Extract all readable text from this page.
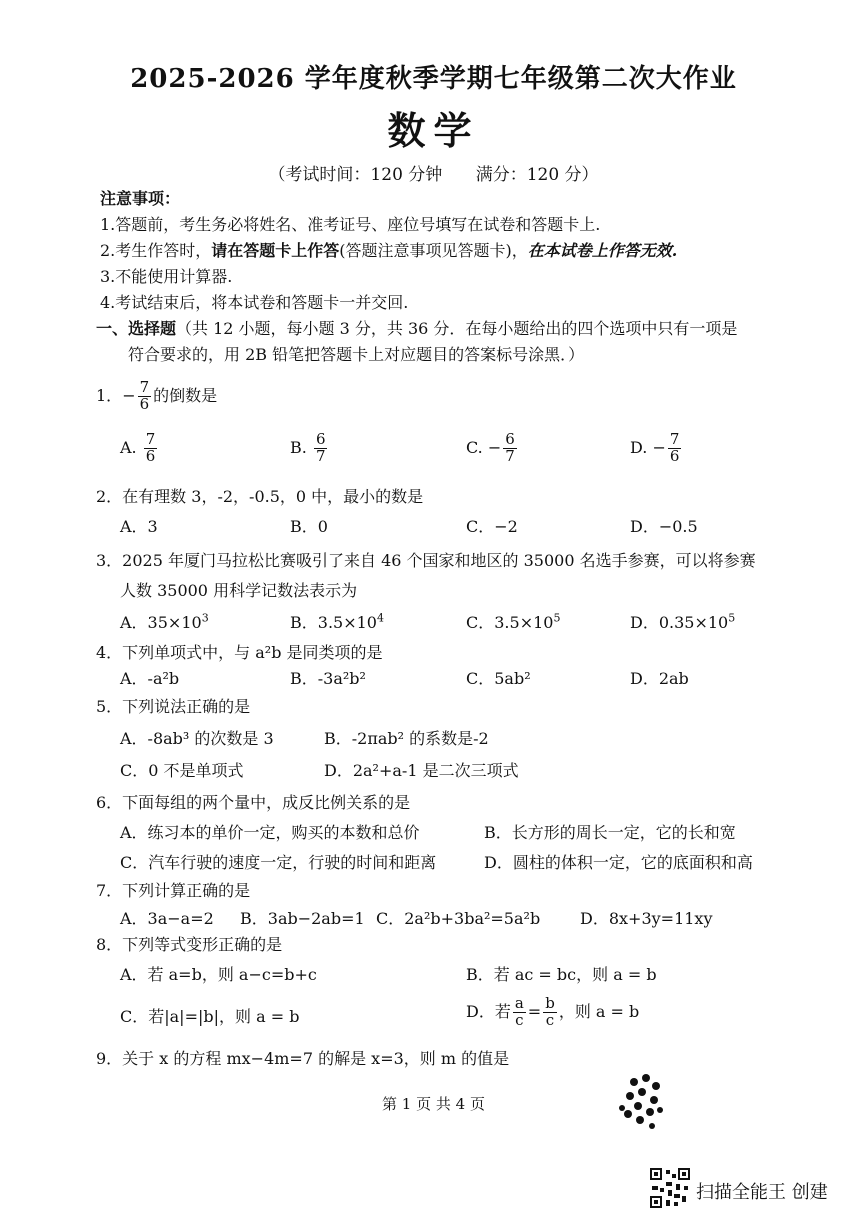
2025-2026 学年度秋季学期七年级第二次大作业
数学
（考试时间：120 分钟 满分：120 分）
注意事项：
1.答题前，考生务必将姓名、准考证号、座位号填写在试卷和答题卡上.
2.考生作答时，请在答题卡上作答(答题注意事项见答题卡)，在本试卷上作答无效.
3.不能使用计算器.
4.考试结束后，将本试卷和答题卡一并交回.
一、选择题（共 12 小题，每小题 3 分，共 36 分．在每小题给出的四个选项中只有一项是
符合要求的，用 2B 铅笔把答题卡上对应题目的答案标号涂黑．）
1．− $\frac{7}{6}$ 的倒数是
A. $\frac{7}{6}$	B. $\frac{6}{7}$	C. − $\frac{6}{7}$	D. − $\frac{7}{6}$
2．在有理数 3，-2，-0.5，0 中，最小的数是
A．3	B．0	C．−2	D．−0.5
3．2025 年厦门马拉松比赛吸引了来自 46 个国家和地区的 35000 名选手参赛，可以将参赛
人数 35000 用科学记数法表示为
A．$35\times 10^3$	B．$3.5\times 10^4$	C．$3.5\times 10^5$	D．$0.35\times 10^5$
4．下列单项式中，与 a²b 是同类项的是
A．-a²b	B．-3a²b²	C．5ab²	D．2ab
5．下列说法正确的是
A．-8ab³ 的次数是 3	B．-2πab² 的系数是-2
C．0 不是单项式	D．2a²+a-1 是二次三项式
6．下面每组的两个量中，成反比例关系的是
A．练习本的单价一定，购买的本数和总价	B．长方形的周长一定，它的长和宽
C．汽车行驶的速度一定，行驶的时间和距离	D．圆柱的体积一定，它的底面积和高
7．下列计算正确的是
A．3a−a=2 B．3ab−2ab=1 C．2a²b+3ba²=5a²b D．8x+3y=11xy
8．下列等式变形正确的是
A．若 a=b，则 a−c=b+c	B．若 ac = bc，则 a = b
C．若|a|=|b|，则 a = b	D．若 $\frac{a}{c} = \frac{b}{c}$ ，则 a = b
9．关于 x 的方程 mx−4m=7 的解是 x=3，则 m 的值是
第 1 页 共 4 页
扫描全能王 创建
